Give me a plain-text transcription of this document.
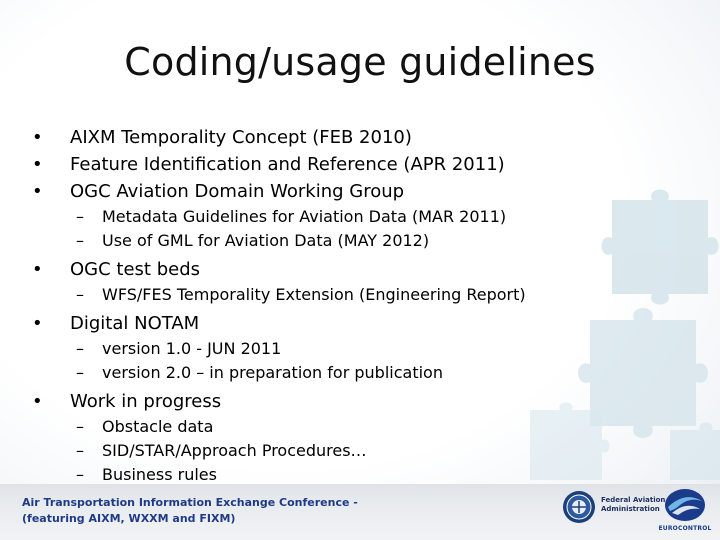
Coding/usage guidelines
•	AIXM Temporality Concept (FEB 2010)
•	Feature Identification and Reference (APR 2011)
•	OGC Aviation Domain Working Group
– Metadata Guidelines for Aviation Data (MAR 2011)
– Use of GML for Aviation Data (MAY 2012)
•	OGC test beds
– WFS/FES Temporality Extension (Engineering Report)
•	Digital NOTAM
– version 1.0 - JUN 2011
– version 2.0 – in preparation for publication
•	Work in progress
– Obstacle data
– SID/STAR/Approach Procedures…
– Business rules
Air Transportation Information Exchange Conference -
(featuring AIXM, WXXM and FIXM)
Federal Aviation
Administration
EUROCONTROL
